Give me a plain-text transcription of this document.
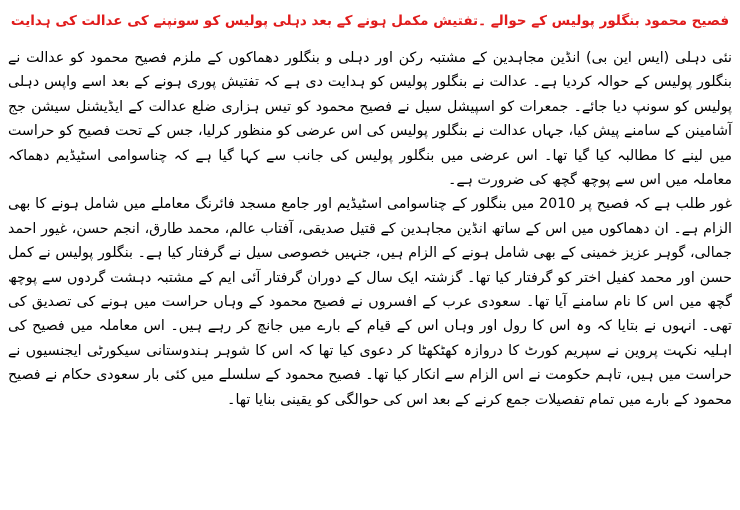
فصیح محمود بنگلور پولیس کے حوالے ۔تفتیش مکمل ہونے کے بعد دہلی پولیس کو سونپنے کی عدالت کی ہدایت

نئی دہلی (ایس این بی) انڈین مجاہدین کے مشتبہ رکن اور دہلی و بنگلور دھماکوں کے ملزم فصیح محمود کو عدالت نے بنگلور پولیس کے حوالہ کردیا ہے۔ عدالت نے بنگلور پولیس کو ہدایت دی ہے کہ تفتیش پوری ہونے کے بعد اسے واپس دہلی پولیس کو سونپ دیا جائے۔ جمعرات کو اسپیشل سیل نے فصیح محمود کو تیس ہزاری ضلع عدالت کے ایڈیشنل سیشن جج آشامینن کے سامنے پیش کیا، جہاں عدالت نے بنگلور پولیس کی اس عرضی کو منظور کرلیا، جس کے تحت فصیح کو حراست میں لینے کا مطالبہ کیا گیا تھا۔ اس عرضی میں بنگلور پولیس کی جانب سے کہا گیا ہے کہ چناسوامی اسٹیڈیم دھماکہ معاملہ میں اس سے پوچھ گچھ کی ضرورت ہے۔

غور طلب ہے کہ فصیح پر 2010 میں بنگلور کے چناسوامی اسٹیڈیم اور جامع مسجد فائرنگ معاملے میں شامل ہونے کا بھی الزام ہے۔ ان دھماکوں میں اس کے ساتھ انڈین مجاہدین کے قتیل صدیقی، آفتاب عالم، محمد طارق، انجم حسن، غیور احمد جمالی، گوہر عزیز خمینی کے بھی شامل ہونے کے الزام ہیں، جنہیں خصوصی سیل نے گرفتار کیا ہے۔ بنگلور پولیس نے کمل حسن اور محمد کفیل اختر کو گرفتار کیا تھا۔ گزشتہ ایک سال کے دوران گرفتار آئی ایم کے مشتبہ دہشت گردوں سے پوچھ گچھ میں اس کا نام سامنے آیا تھا۔ سعودی عرب کے افسروں نے فصیح محمود کے وہاں حراست میں ہونے کی تصدیق کی تھی۔ انہوں نے بتایا کہ وہ اس کا رول اور وہاں اس کے قیام کے بارے میں جانچ کر رہے ہیں۔ اس معاملہ میں فصیح کی اہلیہ نکہت پروین نے سپریم کورٹ کا دروازہ کھٹکھٹا کر دعوی کیا تھا کہ اس کا شوہر ہندوستانی سیکورٹی ایجنسیوں نے حراست میں ہیں، تاہم حکومت نے اس الزام سے انکار کیا تھا۔ فصیح محمود کے سلسلے میں کئی بار سعودی حکام نے فصیح محمود کے بارے میں تمام تفصیلات جمع کرنے کے بعد اس کی حوالگی کو یقینی بنایا تھا۔
